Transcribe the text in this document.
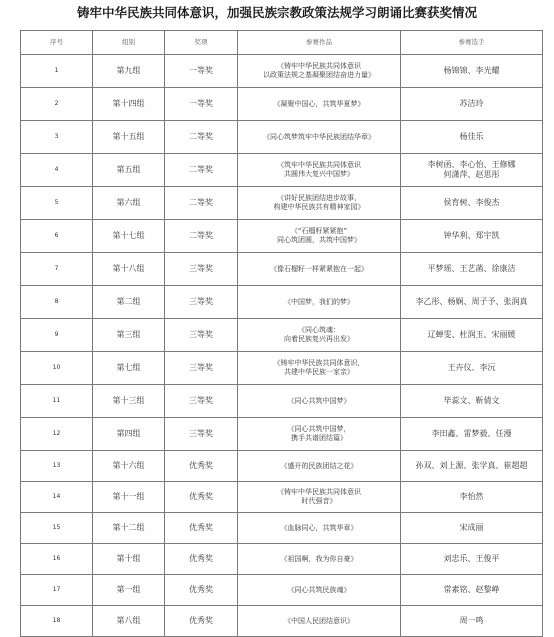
铸牢中华民族共同体意识，加强民族宗教政策法规学习朗诵比赛获奖情况
序号	组别	奖项	参赛作品	参赛选手
1	第九组	一等奖	《铸牢中华民族共同体意识
以政策法规之基凝聚团结奋进力量》	杨锦锦、李光耀
2	第十四组	一等奖	《凝聚中国心，共筑华夏梦》	苏洁玲
3	第十五组	二等奖	《同心筑梦筑牢中华民族团结华章》	杨佳乐
4	第五组	二等奖	《筑牢中华民族共同体意识
共圆伟大复兴中国梦》	李树函、李心怡、王修娜
何潇萍、赵思彤
5	第六组	二等奖	《讲好民族团结进步故事，
构建中华民族共有精神家园》	侯育树、李俊杰
6	第十七组	二等奖	《“石榴籽紧紧抱”
同心筑团圆，共筑中国梦》	钟华利、郑宇凯
7	第十八组	三等奖	《像石榴籽一样紧紧抱在一起》	平梦瑶、王艺菡、徐康洁
8	第二组	三等奖	《中国梦，我们的梦》	李乙彤、杨娴、周子予、张润真
9	第三组	三等奖	《同心筑魂：
向着民族复兴再出发》	辽蝉雯、杜润玉、宋丽媛
10	第七组	三等奖	《铸牢中华民族共同体意识，
共建中华民族一家亲》	王卉仪、李沅
11	第十三组	三等奖	《同心共筑中国梦》	毕蕊文、靳倩文
12	第四组	三等奖	《同心共筑中国梦，
携手共谱团结篇》	李田鑫、雷梦毅、任漫
13	第十六组	优秀奖	《盛开的民族团结之花》	孙双、刘上源、张学真、崔超超
14	第十一组	优秀奖	《铸牢中华民族共同体意识
时代强音》	李怡然
15	第十二组	优秀奖	《血脉同心，共筑华章》	宋成丽
16	第十组	优秀奖	《祖国啊，我为你自豪》	刘忠乐、王俊平
17	第一组	优秀奖	《同心共筑民族魂》	常素铭、赵黎峥
18	第八组	优秀奖	《中国人民团结意识》	周一鸣
